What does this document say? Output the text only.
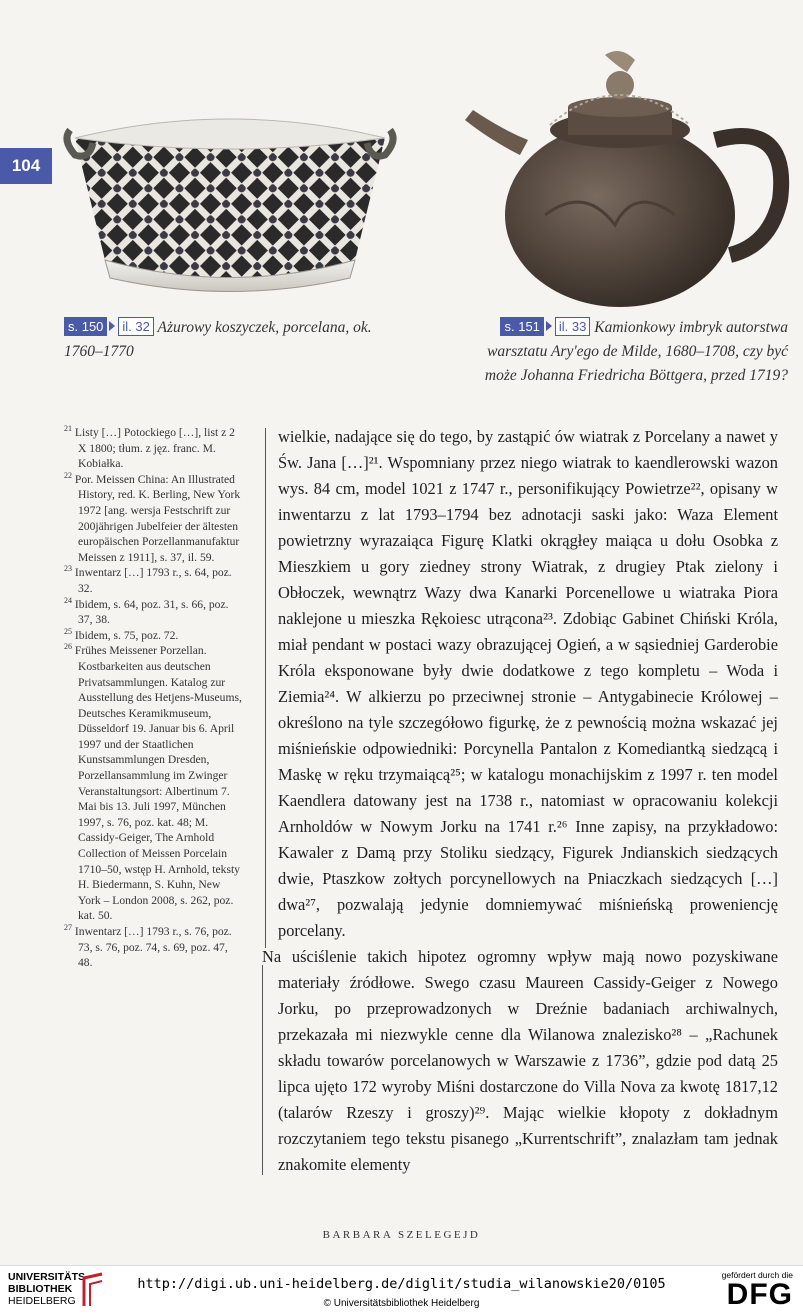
104
s. 150 il. 32 Ażurowy koszyczek, porcelana, ok. 1760–1770
s. 151 il. 33 Kamionkowy imbryk autorstwa warsztatu Ary'ego de Milde, 1680–1708, czy być może Johanna Friedricha Böttgera, przed 1719?
$^{21}$ Listy […] Potockiego […], list z 2 X 1800; tłum. z jęz. franc. M. Kobiałka.
$^{22}$ Por. Meissen China: An Illustrated History, red. K. Berling, New York 1972 [ang. wersja Festschrift zur 200jährigen Jubelfeier der ältesten europäischen Porzellanmanufaktur Meissen z 1911], s. 37, il. 59.
$^{23}$ Inwentarz […] 1793 r., s. 64, poz. 32.
$^{24}$ Ibidem, s. 64, poz. 31, s. 66, poz. 37, 38.
$^{25}$ Ibidem, s. 75, poz. 72.
$^{26}$ Frühes Meissener Porzellan. Kostbarkeiten aus deutschen Privatsammlungen. Katalog zur Ausstellung des Hetjens-Museums, Deutsches Keramikmuseum, Düsseldorf 19. Januar bis 6. April 1997 und der Staatlichen Kunstsammlungen Dresden, Porzellansammlung im Zwinger Veranstaltungsort: Albertinum 7. Mai bis 13. Juli 1997, München 1997, s. 76, poz. kat. 48; M. Cassidy-Geiger, The Arnhold Collection of Meissen Porcelain 1710–50, wstęp H. Arnhold, teksty H. Biedermann, S. Kuhn, New York – London 2008, s. 262, poz. kat. 50.
$^{27}$ Inwentarz […] 1793 r., s. 76, poz. 73, s. 76, poz. 74, s. 69, poz. 47, 48.

wielkie, nadające się do tego, by zastąpić ów wiatrak z Porcelany a nawet y Św. Jana […]²¹. Wspomniany przez niego wiatrak to kaendlerowski wazon wys. 84 cm, model 1021 z 1747 r., personifikujący Powietrze²², opisany w inwentarzu z lat 1793–1794 bez adnotacji saski jako: Waza Element powietrzny wyrazaiąca Figurę Klatki okrągłey maiąca u dołu Osobka z Mieszkiem u gory ziedney strony Wiatrak, z drugiey Ptak zielony i Obłoczek, wewnątrz Wazy dwa Kanarki Porcenellowe u wiatraka Piora naklejone u mieszka Rękoiesc utrącona²³. Zdobiąc Gabinet Chiński Króla, miał pendant w postaci wazy obrazującej Ogień, a w sąsiedniej Garderobie Króla eksponowane były dwie dodatkowe z tego kompletu – Woda i Ziemia²⁴. W alkierzu po przeciwnej stronie – Antygabinecie Królowej – określono na tyle szczegółowo figurkę, że z pewnością można wskazać jej miśnieńskie odpowiedniki: Porcynella Pantalon z Komediantką siedzącą i Maskę w ręku trzymaiącą²⁵; w katalogu monachijskim z 1997 r. ten model Kaendlera datowany jest na 1738 r., natomiast w opracowaniu kolekcji Arnholdów w Nowym Jorku na 1741 r.²⁶ Inne zapisy, na przykładowo: Kawaler z Damą przy Stoliku siedzący, Figurek Jndianskich siedzących dwie, Ptaszkow zołtych porcynellowych na Pniaczkach siedzących […] dwa²⁷, pozwalają jedynie domniemywać miśnieńską proweniencję porcelany.

Na uściślenie takich hipotez ogromny wpływ mają nowo pozyskiwane materiały źródłowe. Swego czasu Maureen Cassidy-Geiger z Nowego Jorku, po przeprowadzonych w Dreźnie badaniach archiwalnych, przekazała mi niezwykle cenne dla Wilanowa znalezisko²⁸ – „Rachunek składu towarów porcelanowych w Warszawie z 1736”, gdzie pod datą 25 lipca ujęto 172 wyroby Miśni dostarczone do Villa Nova za kwotę 1817,12 (talarów Rzeszy i groszy)²⁹. Mając wielkie kłopoty z dokładnym rozczytaniem tego tekstu pisanego „Kurrentschrift”, znalazłam tam jednak znakomite elementy

BARBARA SZELEGEJD
UNIVERSITÄTS-
BIBLIOTHEK
HEIDELBERG
http://digi.ub.uni-heidelberg.de/diglit/studia_wilanowskie20/0105
© Universitätsbibliothek Heidelberg
gefördert durch die
DFG
